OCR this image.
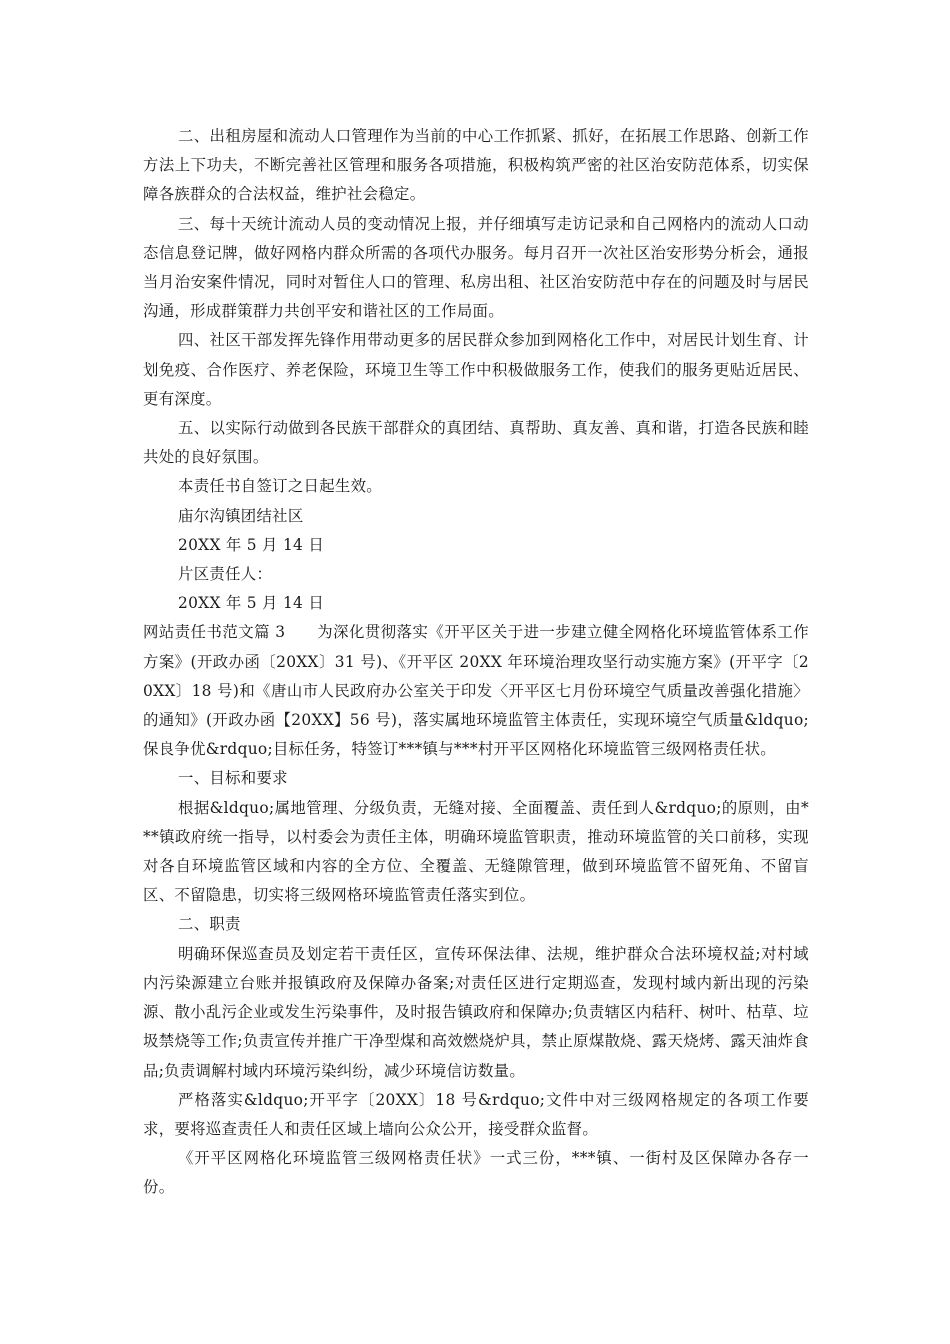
二、出租房屋和流动人口管理作为当前的中心工作抓紧、抓好，在拓展工作思路、创新工作方法上下功夫，不断完善社区管理和服务各项措施，积极构筑严密的社区治安防范体系，切实保障各族群众的合法权益，维护社会稳定。

三、每十天统计流动人员的变动情况上报，并仔细填写走访记录和自己网格内的流动人口动态信息登记牌，做好网格内群众所需的各项代办服务。每月召开一次社区治安形势分析会，通报当月治安案件情况，同时对暂住人口的管理、私房出租、社区治安防范中存在的问题及时与居民沟通，形成群策群力共创平安和谐社区的工作局面。

四、社区干部发挥先锋作用带动更多的居民群众参加到网格化工作中，对居民计划生育、计划免疫、合作医疗、养老保险，环境卫生等工作中积极做服务工作，使我们的服务更贴近居民、更有深度。

五、以实际行动做到各民族干部群众的真团结、真帮助、真友善、真和谐，打造各民族和睦共处的良好氛围。

本责任书自签订之日起生效。

庙尔沟镇团结社区

20XX 年 5 月 14 日

片区责任人：

20XX 年 5 月 14 日

网站责任书范文篇 3　　为深化贯彻落实《开平区关于进一步建立健全网格化环境监管体系工作方案》(开政办函〔20XX〕31 号)、《开平区 20XX 年环境治理攻坚行动实施方案》(开平字〔20XX〕18 号)和《唐山市人民政府办公室关于印发〈开平区七月份环境空气质量改善强化措施〉的通知》(开政办函【20XX】56 号)，落实属地环境监管主体责任，实现环境空气质量&ldquo;保良争优&rdquo;目标任务，特签订***镇与***村开平区网格化环境监管三级网格责任状。

一、目标和要求

根据&ldquo;属地管理、分级负责，无缝对接、全面覆盖、责任到人&rdquo;的原则，由***镇政府统一指导，以村委会为责任主体，明确环境监管职责，推动环境监管的关口前移，实现对各自环境监管区域和内容的全方位、全覆盖、无缝隙管理，做到环境监管不留死角、不留盲区、不留隐患，切实将三级网格环境监管责任落实到位。

二、职责

明确环保巡查员及划定若干责任区，宣传环保法律、法规，维护群众合法环境权益;对村域内污染源建立台账并报镇政府及保障办备案;对责任区进行定期巡查，发现村域内新出现的污染源、散小乱污企业或发生污染事件，及时报告镇政府和保障办;负责辖区内秸秆、树叶、枯草、垃圾禁烧等工作;负责宣传并推广干净型煤和高效燃烧炉具，禁止原煤散烧、露天烧烤、露天油炸食品;负责调解村域内环境污染纠纷，减少环境信访数量。

严格落实&ldquo;开平字〔20XX〕18 号&rdquo;文件中对三级网格规定的各项工作要求，要将巡查责任人和责任区域上墙向公众公开，接受群众监督。

《开平区网格化环境监管三级网格责任状》一式三份，***镇、一街村及区保障办各存一份。
